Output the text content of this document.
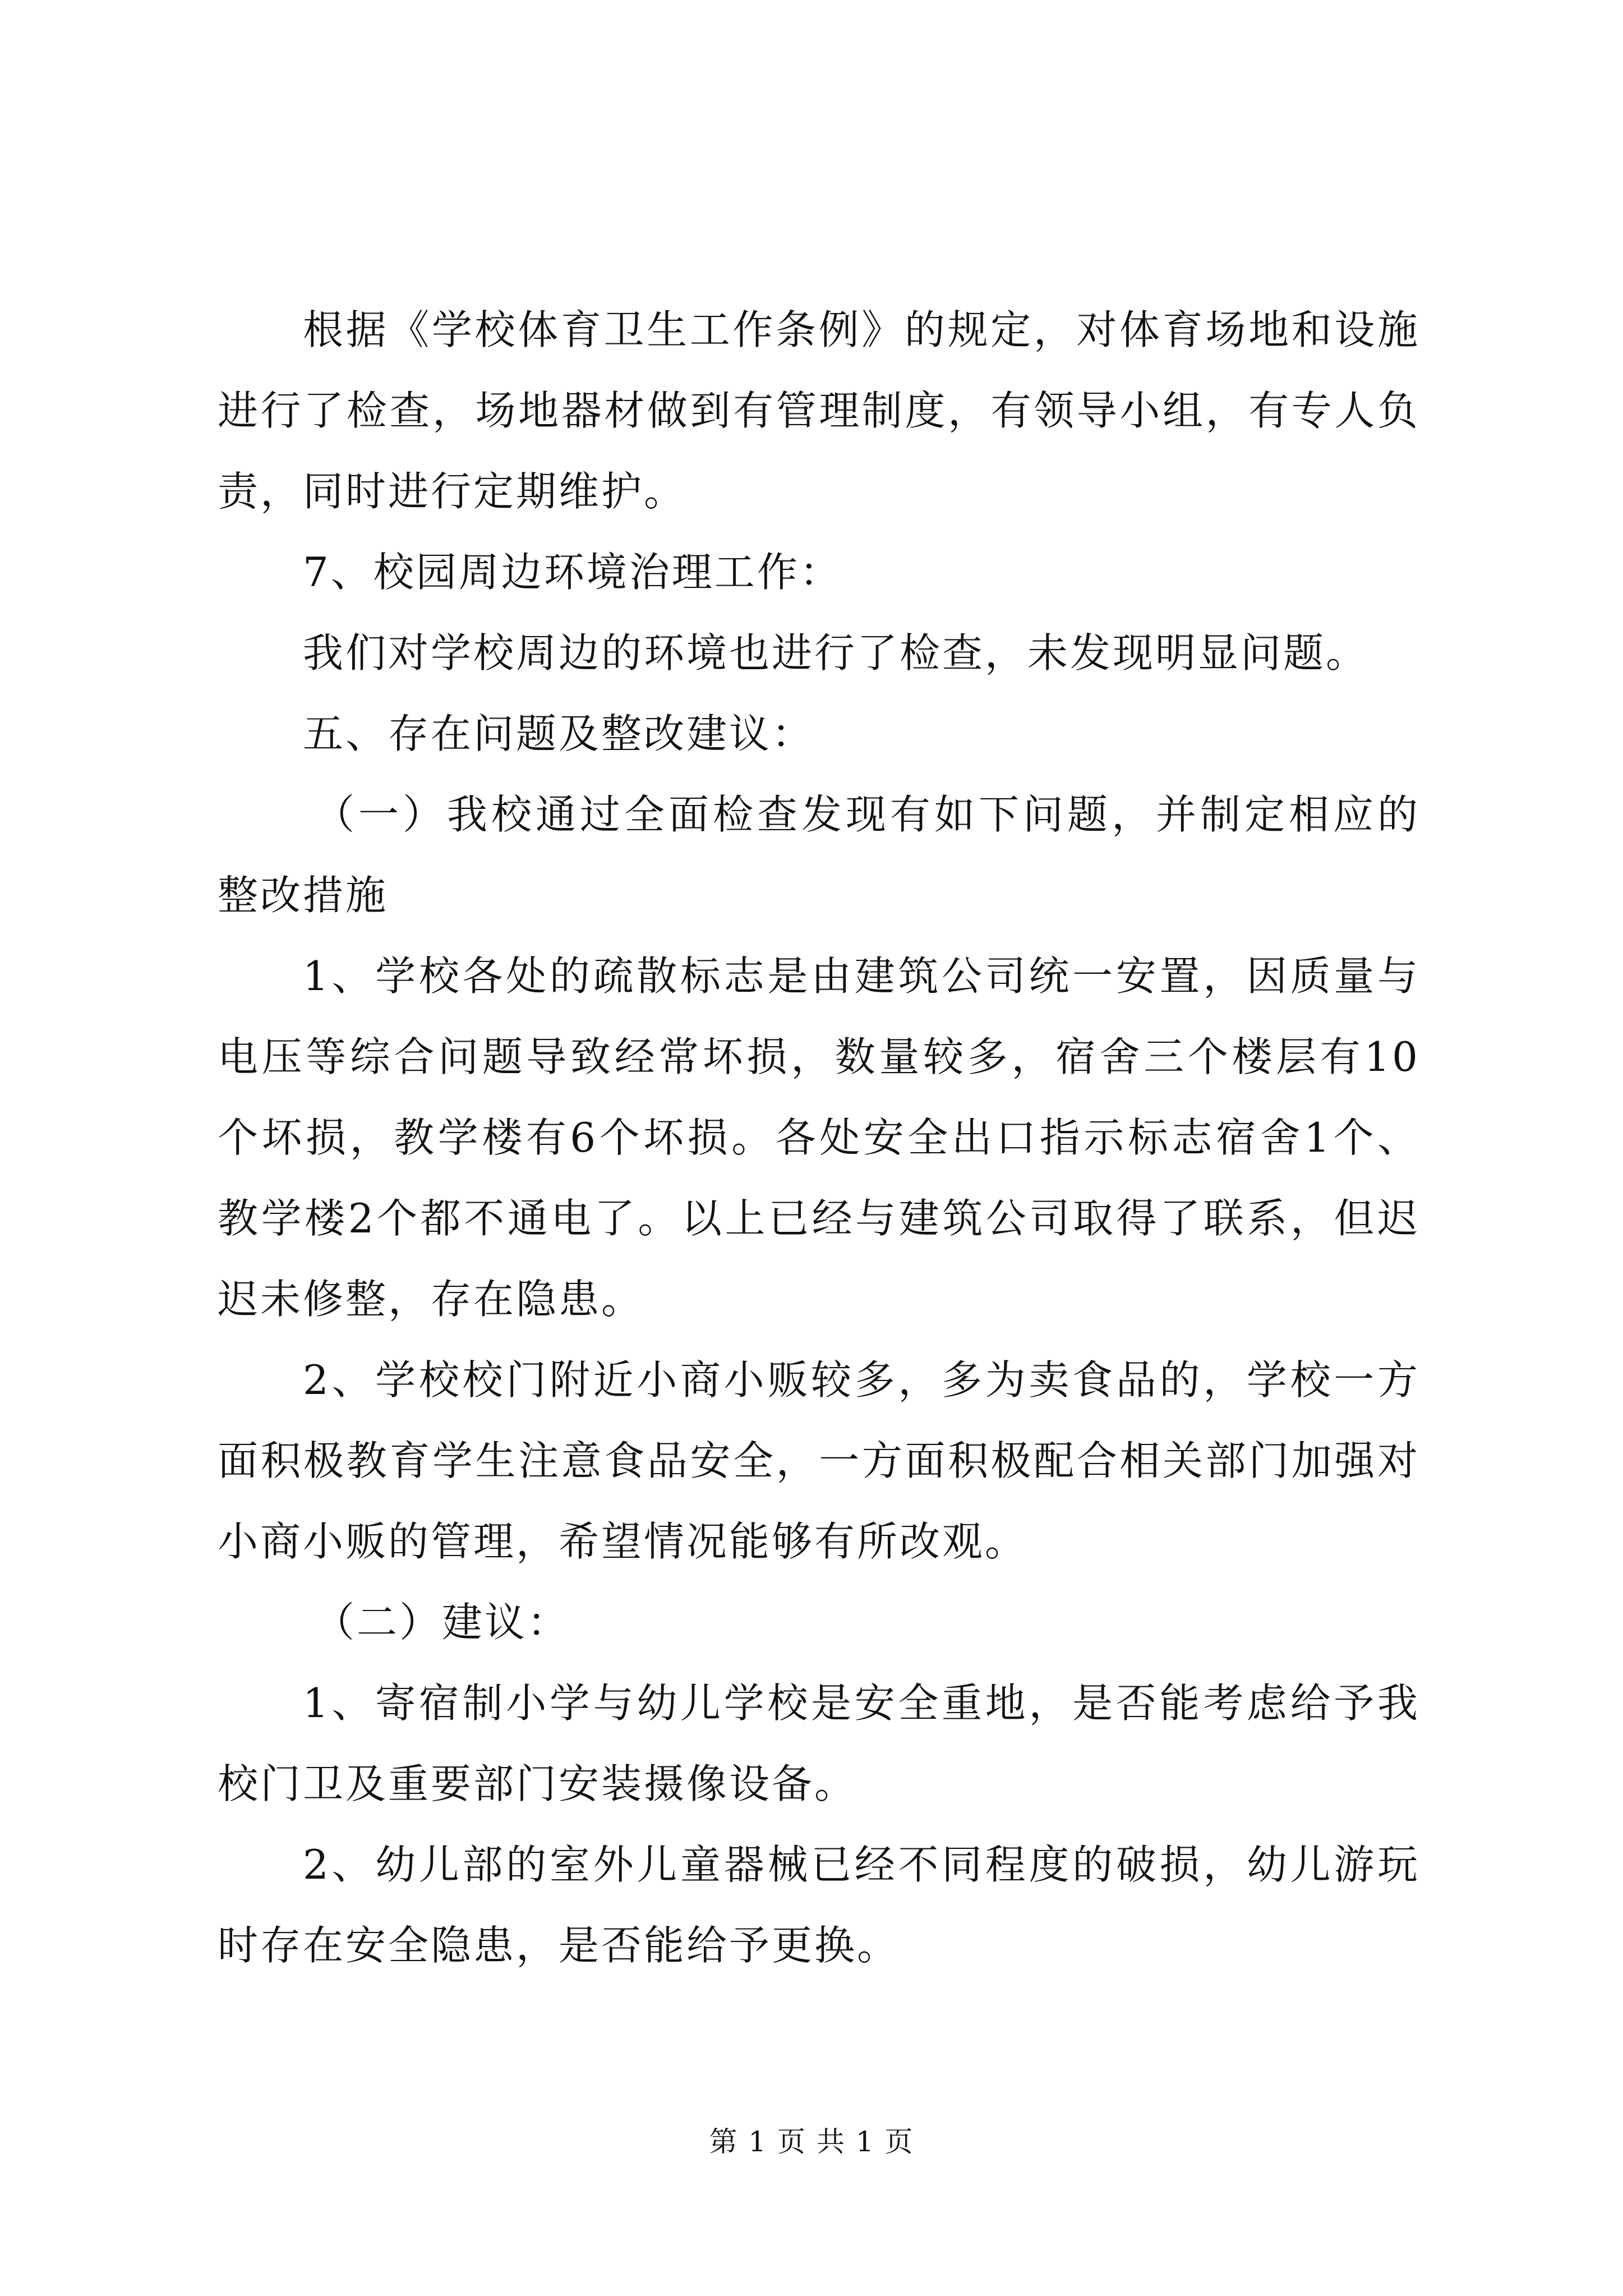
根据《学校体育卫生工作条例》的规定，对体育场地和设施进行了检查，场地器材做到有管理制度，有领导小组，有专人负责，同时进行定期维护。

7、校园周边环境治理工作：

我们对学校周边的环境也进行了检查，未发现明显问题。

五、存在问题及整改建议：

（一）我校通过全面检查发现有如下问题，并制定相应的整改措施

1、学校各处的疏散标志是由建筑公司统一安置，因质量与电压等综合问题导致经常坏损，数量较多，宿舍三个楼层有10个坏损，教学楼有6个坏损。各处安全出口指示标志宿舍1个、教学楼2个都不通电了。以上已经与建筑公司取得了联系，但迟迟未修整，存在隐患。

2、学校校门附近小商小贩较多，多为卖食品的，学校一方面积极教育学生注意食品安全，一方面积极配合相关部门加强对小商小贩的管理，希望情况能够有所改观。

（二）建议：

1、寄宿制小学与幼儿学校是安全重地，是否能考虑给予我校门卫及重要部门安装摄像设备。

2、幼儿部的室外儿童器械已经不同程度的破损，幼儿游玩时存在安全隐患，是否能给予更换。

第 1 页 共 1 页
